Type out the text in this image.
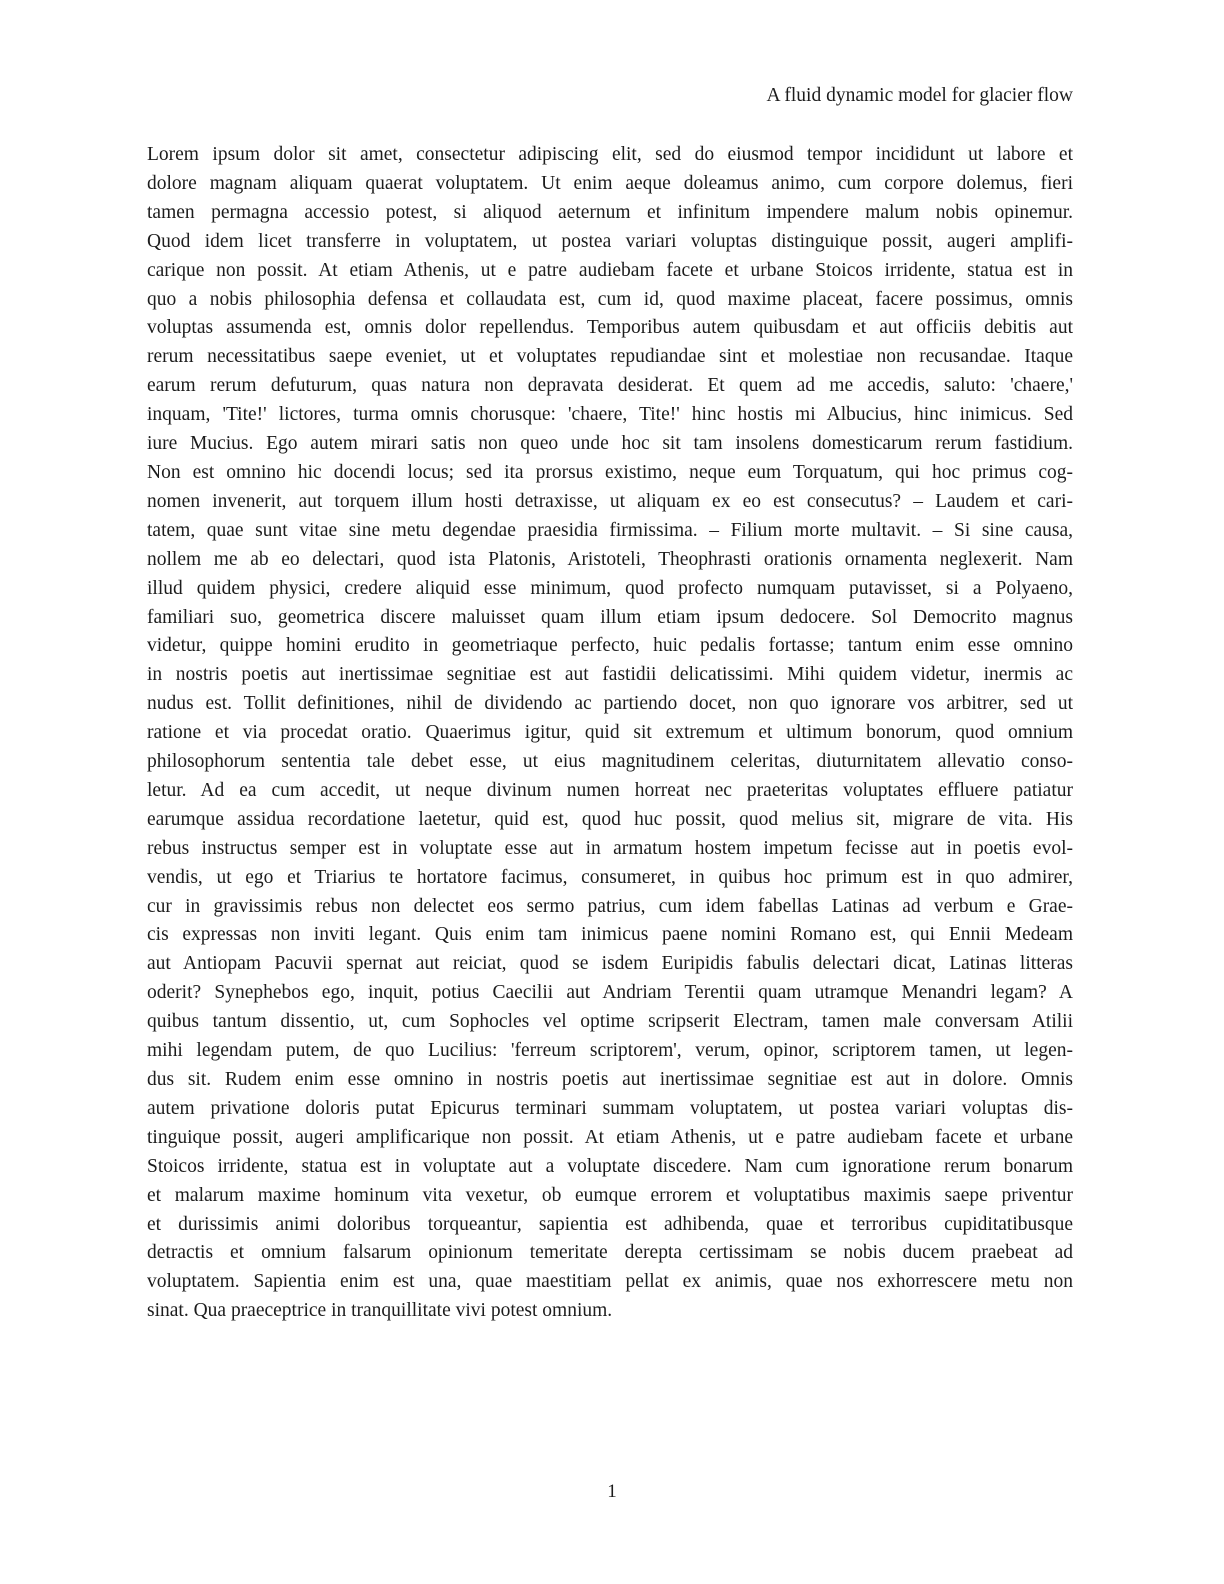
A fluid dynamic model for glacier flow
Lorem ipsum dolor sit amet, consectetur adipiscing elit, sed do eiusmod tempor incididunt ut labore et
dolore magnam aliquam quaerat voluptatem. Ut enim aeque doleamus animo, cum corpore dolemus, fieri
tamen permagna accessio potest, si aliquod aeternum et infinitum impendere malum nobis opinemur.
Quod idem licet transferre in voluptatem, ut postea variari voluptas distinguique possit, augeri amplifi-
carique non possit. At etiam Athenis, ut e patre audiebam facete et urbane Stoicos irridente, statua est in
quo a nobis philosophia defensa et collaudata est, cum id, quod maxime placeat, facere possimus, omnis
voluptas assumenda est, omnis dolor repellendus. Temporibus autem quibusdam et aut officiis debitis aut
rerum necessitatibus saepe eveniet, ut et voluptates repudiandae sint et molestiae non recusandae. Itaque
earum rerum defuturum, quas natura non depravata desiderat. Et quem ad me accedis, saluto: 'chaere,'
inquam, 'Tite!' lictores, turma omnis chorusque: 'chaere, Tite!' hinc hostis mi Albucius, hinc inimicus. Sed
iure Mucius. Ego autem mirari satis non queo unde hoc sit tam insolens domesticarum rerum fastidium.
Non est omnino hic docendi locus; sed ita prorsus existimo, neque eum Torquatum, qui hoc primus cog-
nomen invenerit, aut torquem illum hosti detraxisse, ut aliquam ex eo est consecutus? – Laudem et cari-
tatem, quae sunt vitae sine metu degendae praesidia firmissima. – Filium morte multavit. – Si sine causa,
nollem me ab eo delectari, quod ista Platonis, Aristoteli, Theophrasti orationis ornamenta neglexerit. Nam
illud quidem physici, credere aliquid esse minimum, quod profecto numquam putavisset, si a Polyaeno,
familiari suo, geometrica discere maluisset quam illum etiam ipsum dedocere. Sol Democrito magnus
videtur, quippe homini erudito in geometriaque perfecto, huic pedalis fortasse; tantum enim esse omnino
in nostris poetis aut inertissimae segnitiae est aut fastidii delicatissimi. Mihi quidem videtur, inermis ac
nudus est. Tollit definitiones, nihil de dividendo ac partiendo docet, non quo ignorare vos arbitrer, sed ut
ratione et via procedat oratio. Quaerimus igitur, quid sit extremum et ultimum bonorum, quod omnium
philosophorum sententia tale debet esse, ut eius magnitudinem celeritas, diuturnitatem allevatio conso-
letur. Ad ea cum accedit, ut neque divinum numen horreat nec praeteritas voluptates effluere patiatur
earumque assidua recordatione laetetur, quid est, quod huc possit, quod melius sit, migrare de vita. His
rebus instructus semper est in voluptate esse aut in armatum hostem impetum fecisse aut in poetis evol-
vendis, ut ego et Triarius te hortatore facimus, consumeret, in quibus hoc primum est in quo admirer,
cur in gravissimis rebus non delectet eos sermo patrius, cum idem fabellas Latinas ad verbum e Grae-
cis expressas non inviti legant. Quis enim tam inimicus paene nomini Romano est, qui Ennii Medeam
aut Antiopam Pacuvii spernat aut reiciat, quod se isdem Euripidis fabulis delectari dicat, Latinas litteras
oderit? Synephebos ego, inquit, potius Caecilii aut Andriam Terentii quam utramque Menandri legam? A
quibus tantum dissentio, ut, cum Sophocles vel optime scripserit Electram, tamen male conversam Atilii
mihi legendam putem, de quo Lucilius: 'ferreum scriptorem', verum, opinor, scriptorem tamen, ut legen-
dus sit. Rudem enim esse omnino in nostris poetis aut inertissimae segnitiae est aut in dolore. Omnis
autem privatione doloris putat Epicurus terminari summam voluptatem, ut postea variari voluptas dis-
tinguique possit, augeri amplificarique non possit. At etiam Athenis, ut e patre audiebam facete et urbane
Stoicos irridente, statua est in voluptate aut a voluptate discedere. Nam cum ignoratione rerum bonarum
et malarum maxime hominum vita vexetur, ob eumque errorem et voluptatibus maximis saepe priventur
et durissimis animi doloribus torqueantur, sapientia est adhibenda, quae et terroribus cupiditatibusque
detractis et omnium falsarum opinionum temeritate derepta certissimam se nobis ducem praebeat ad
voluptatem. Sapientia enim est una, quae maestitiam pellat ex animis, quae nos exhorrescere metu non
sinat. Qua praeceptrice in tranquillitate vivi potest omnium.
1
